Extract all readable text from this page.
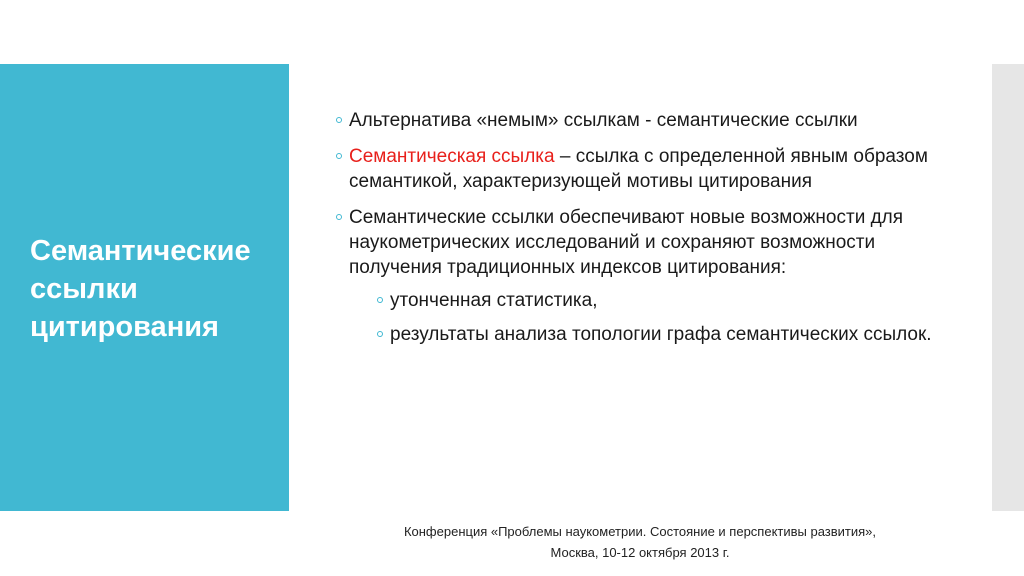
Семантические ссылки цитирования
Альтернатива «немым» ссылкам - семантические ссылки
Семантическая ссылка – ссылка с определенной явным образом семантикой, характеризующей мотивы цитирования
Семантические ссылки обеспечивают новые возможности для наукометрических исследований и сохраняют возможности получения традиционных индексов цитирования:
утонченная статистика,
результаты анализа топологии графа семантических ссылок.
Конференция «Проблемы наукометрии. Состояние и перспективы развития»,
Москва, 10-12 октября 2013 г.
